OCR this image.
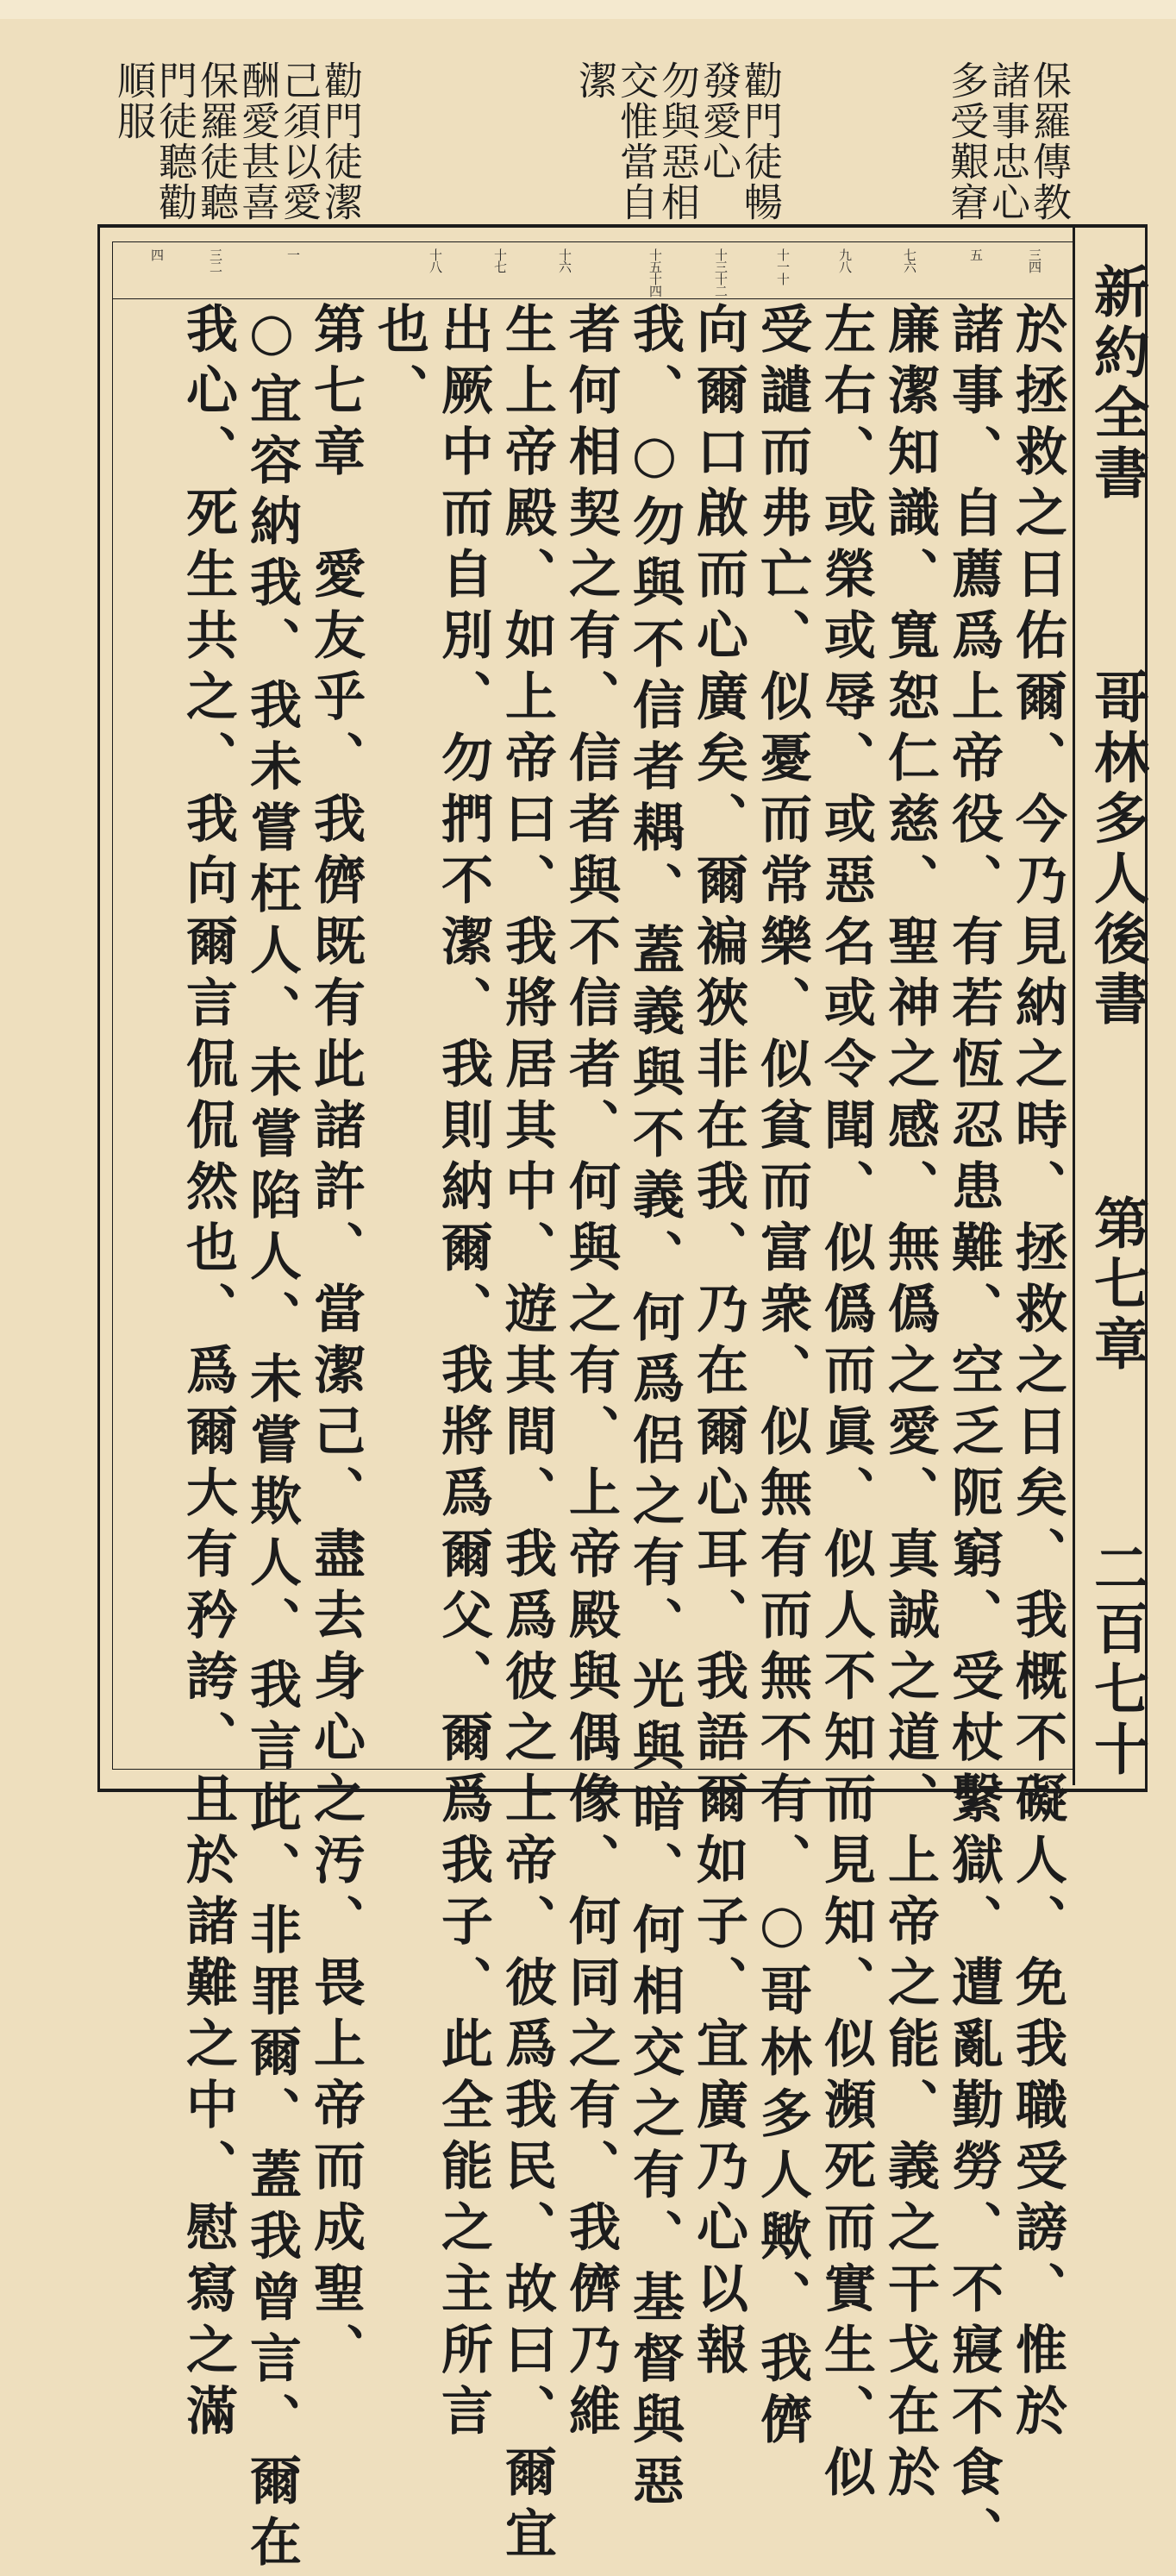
保羅傳教
諸事忠心
多受艱窘
勸門徒暢
發愛心
勿與惡相
交惟當自
潔
勸門徒潔
己須以愛
酬愛甚喜
保羅徒聽
門徒聽勸
順服
三四
五
七六
九八
十一十
十三十二
十五十四
十六
十七
十八
一
三二
四
於拯救之日佑爾、今乃見納之時、拯救之日矣、我概不礙人、免我職受謗、惟於
諸事、自薦爲上帝役、有若恆忍患難、空乏阨窮、受杖繫獄、遭亂勤勞、不寢不食、
廉潔知識、寬恕仁慈、聖神之感、無僞之愛、真誠之道、上帝之能、義之干戈在於
左右、或榮或辱、或惡名或令聞、似僞而眞、似人不知而見知、似瀕死而實生、似
受譴而弗亡、似憂而常樂、似貧而富衆、似無有而無不有、○哥林多人歟、我儕
向爾口啟而心廣矣、爾褊狹非在我、乃在爾心耳、我語爾如子、宜廣乃心以報
我、○勿與不信者耦、蓋義與不義、何爲侶之有、光與暗、何相交之有、基督與惡
者何相契之有、信者與不信者、何與之有、上帝殿與偶像、何同之有、我儕乃維
生上帝殿、如上帝曰、我將居其中、遊其間、我爲彼之上帝、彼爲我民、故曰、爾宜
出厥中而自別、勿捫不潔、我則納爾、我將爲爾父、爾爲我子、此全能之主所言
也、
第七章　愛友乎、我儕既有此諸許、當潔己、盡去身心之汚、畏上帝而成聖、
○宜容納我、我未嘗枉人、未嘗陷人、未嘗欺人、我言此、非罪爾、蓋我曾言、爾在
我心、死生共之、我向爾言侃侃然也、爲爾大有矜誇、且於諸難之中、慰寫之滿	新約全書
哥林多人後書
第七章
二百七十
